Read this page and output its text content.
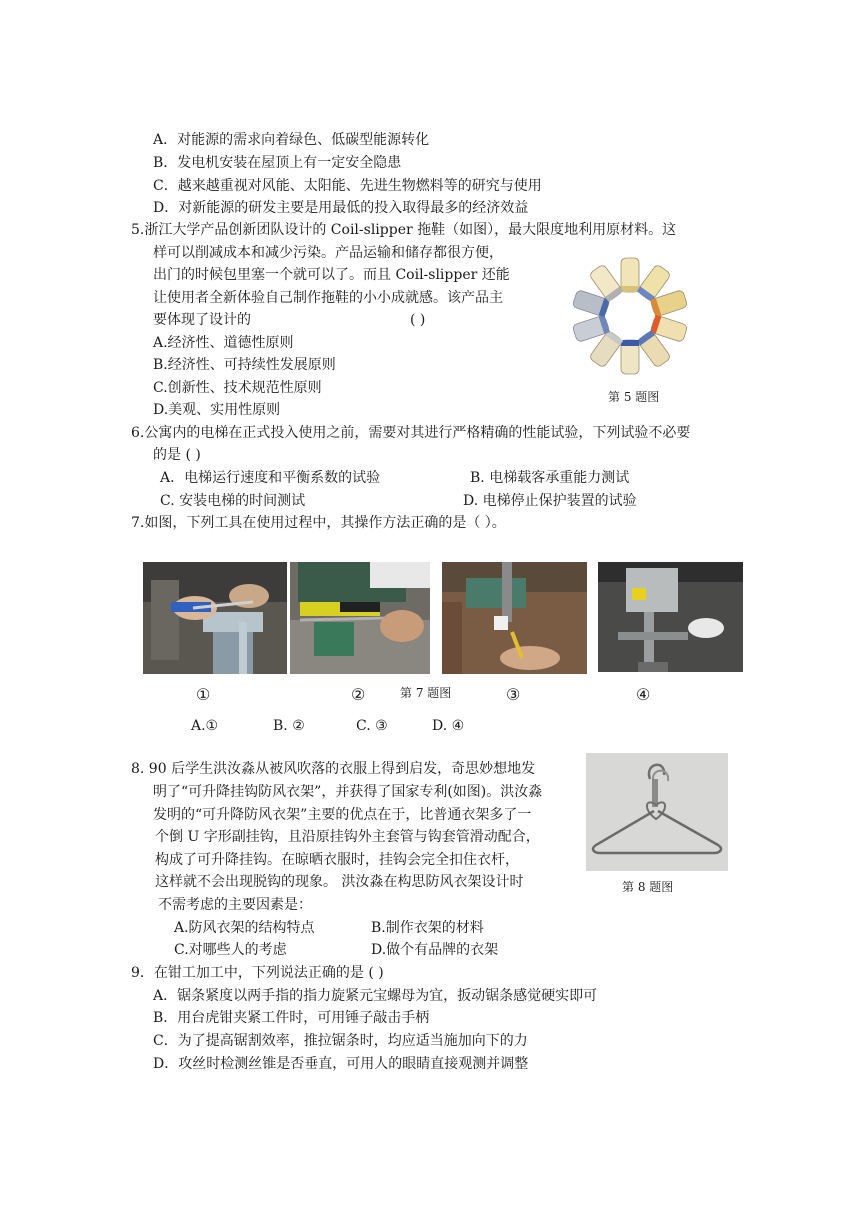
A．对能源的需求向着绿色、低碳型能源转化
B．发电机安装在屋顶上有一定安全隐患
C．越来越重视对风能、太阳能、先进生物燃料等的研究与使用
D．对新能源的研发主要是用最低的投入取得最多的经济效益
5.浙江大学产品创新团队设计的 Coil-slipper 拖鞋（如图），最大限度地利用原材料。这
样可以削减成本和减少污染。产品运输和储存都很方便，
出门的时候包里塞一个就可以了。而且 Coil-slipper 还能
让使用者全新体验自己制作拖鞋的小小成就感。该产品主
要体现了设计的	( )
A.经济性、道德性原则
B.经济性、可持续性发展原则
C.创新性、技术规范性原则
D.美观、实用性原则
第 5 题图
6.公寓内的电梯在正式投入使用之前，需要对其进行严格精确的性能试验，下列试验不必要
的是 ( )
A．电梯运行速度和平衡系数的试验	B. 电梯载客承重能力测试
C. 安装电梯的时间测试	D. 电梯停止保护装置的试验
7.如图，下列工具在使用过程中，其操作方法正确的是（ ）。
①	②	第 7 题图	③	④
A.①	B. ②	C. ③	D. ④
8. 90 后学生洪汝淼从被风吹落的衣服上得到启发，奇思妙想地发
明了“可升降挂钩防风衣架”，并获得了国家专利(如图)。洪汝淼
发明的“可升降防风衣架”主要的优点在于，比普通衣架多了一
个倒 U 字形副挂钩，且沿原挂钩外主套管与钩套管滑动配合，
构成了可升降挂钩。在晾晒衣服时，挂钩会完全扣住衣杆，
这样就不会出现脱钩的现象。 洪汝淼在构思防风衣架设计时
不需考虑的主要因素是：
A.防风衣架的结构特点	B.制作衣架的材料
C.对哪些人的考虑	D.做个有品牌的衣架
第 8 题图
9．在钳工加工中，下列说法正确的是 ( )
A．锯条紧度以两手指的指力旋紧元宝螺母为宜，扳动锯条感觉硬实即可
B．用台虎钳夹紧工件时，可用锤子敲击手柄
C．为了提高锯割效率，推拉锯条时，均应适当施加向下的力
D．攻丝时检测丝锥是否垂直，可用人的眼睛直接观测并调整
